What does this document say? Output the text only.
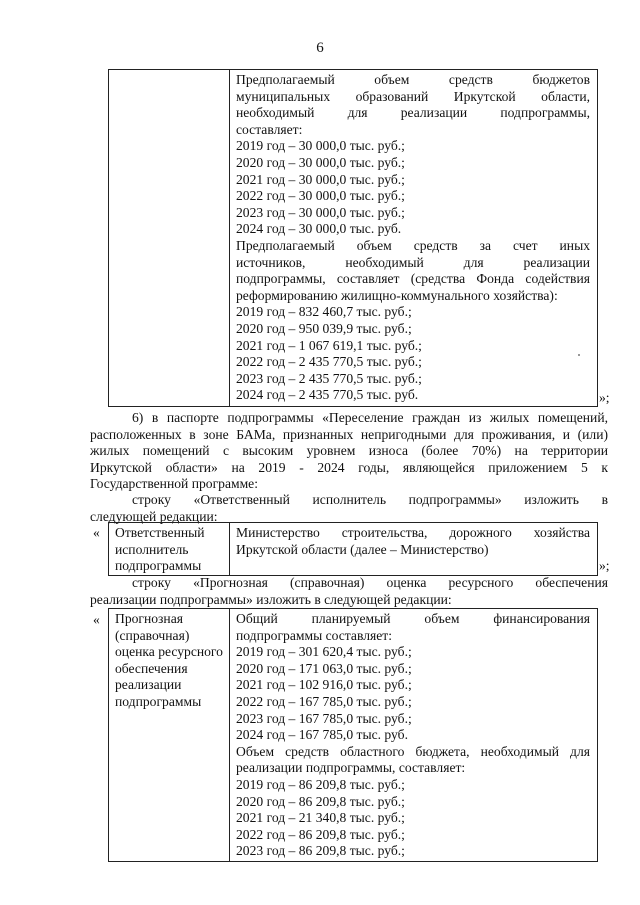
6
Предполагаемый объем средств бюджетов
муниципальных образований Иркутской области,
необходимый для реализации подпрограммы,
составляет:
2019 год – 30 000,0 тыс. руб.;
2020 год – 30 000,0 тыс. руб.;
2021 год – 30 000,0 тыс. руб.;
2022 год – 30 000,0 тыс. руб.;
2023 год – 30 000,0 тыс. руб.;
2024 год – 30 000,0 тыс. руб.
Предполагаемый объем средств за счет иных
источников, необходимый для реализации
подпрограммы, составляет (средства Фонда содействия
реформированию жилищно-коммунального хозяйства):
2019 год – 832 460,7 тыс. руб.;
2020 год – 950 039,9 тыс. руб.;
2021 год – 1 067 619,1 тыс. руб.;
2022 год – 2 435 770,5 тыс. руб.;
2023 год – 2 435 770,5 тыс. руб.;
2024 год – 2 435 770,5 тыс. руб.	»;
6) в паспорте подпрограммы «Переселение граждан из жилых помещений,
расположенных в зоне БАМа, признанных непригодными для проживания, и (или)
жилых помещений с высоким уровнем износа (более 70%) на территории
Иркутской области» на 2019 - 2024 годы, являющейся приложением 5 к
Государственной программе:
строку «Ответственный исполнитель подпрограммы» изложить в
следующей редакции:
« Ответственный
исполнитель
подпрограммы
Министерство строительства, дорожного хозяйства
Иркутской области (далее – Министерство)
»;
строку «Прогнозная (справочная) оценка ресурсного обеспечения
реализации подпрограммы» изложить в следующей редакции:
« Прогнозная
(справочная)
оценка ресурсного
обеспечения
реализации
подпрограммы
Общий планируемый объем финансирования
подпрограммы составляет:
2019 год – 301 620,4 тыс. руб.;
2020 год – 171 063,0 тыс. руб.;
2021 год – 102 916,0 тыс. руб.;
2022 год – 167 785,0 тыс. руб.;
2023 год – 167 785,0 тыс. руб.;
2024 год – 167 785,0 тыс. руб.
Объем средств областного бюджета, необходимый для
реализации подпрограммы, составляет:
2019 год – 86 209,8 тыс. руб.;
2020 год – 86 209,8 тыс. руб.;
2021 год – 21 340,8 тыс. руб.;
2022 год – 86 209,8 тыс. руб.;
2023 год – 86 209,8 тыс. руб.;
